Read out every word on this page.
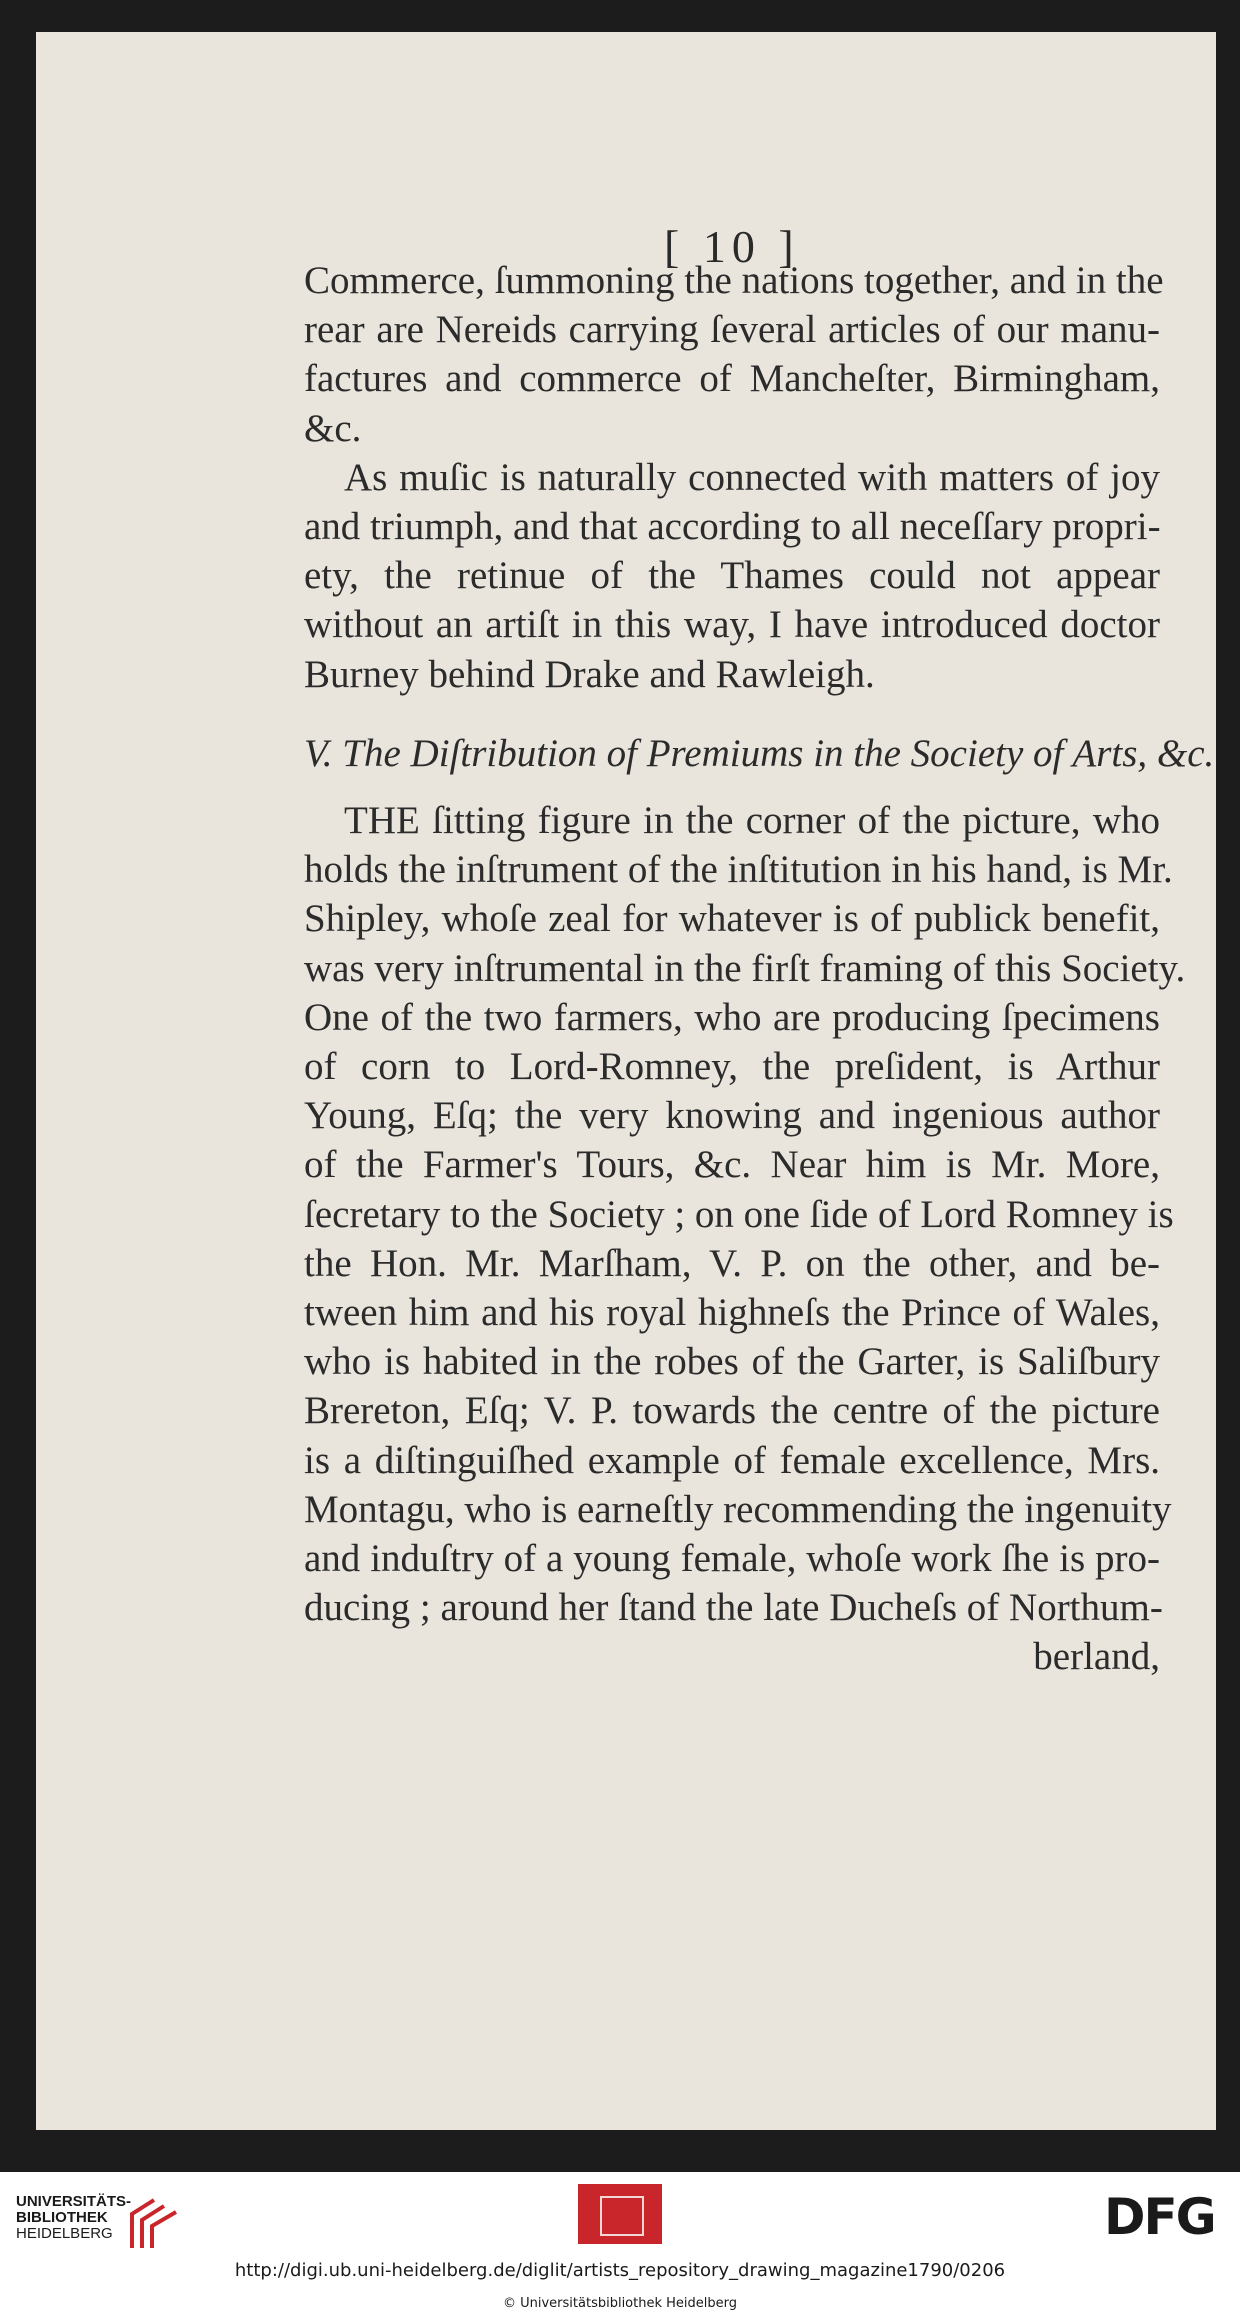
[ 10 ]
Commerce, ſummoning the nations together, and in the
rear are Nereids carrying ſeveral articles of our manu-
factures and commerce of Mancheſter, Birmingham,
&c.
As muſic is naturally connected with matters of joy
and triumph, and that according to all neceſſary propri-
ety, the retinue of the Thames could not appear
without an artiſt in this way, I have introduced doctor
Burney behind Drake and Rawleigh.
V. The Diſtribution of Premiums in the Society of Arts, &c.
THE ſitting figure in the corner of the picture, who
holds the inſtrument of the inſtitution in his hand, is Mr.
Shipley, whoſe zeal for whatever is of publick benefit,
was very inſtrumental in the firſt framing of this Society.
One of the two farmers, who are producing ſpecimens
of corn to Lord-Romney, the preſident, is Arthur
Young, Eſq; the very knowing and ingenious author
of the Farmer's Tours, &c. Near him is Mr. More,
ſecretary to the Society ; on one ſide of Lord Romney is
the Hon. Mr. Marſham, V. P. on the other, and be-
tween him and his royal highneſs the Prince of Wales,
who is habited in the robes of the Garter, is Saliſbury
Brereton, Eſq; V. P. towards the centre of the picture
is a diſtinguiſhed example of female excellence, Mrs.
Montagu, who is earneſtly recommending the ingenuity
and induſtry of a young female, whoſe work ſhe is pro-
ducing ; around her ſtand the late Ducheſs of Northum-
berland,
UNIVERSITÄTS-
BIBLIOTHEK
HEIDELBERG	DFG
http://digi.ub.uni-heidelberg.de/diglit/artists_repository_drawing_magazine1790/0206
© Universitätsbibliothek Heidelberg
